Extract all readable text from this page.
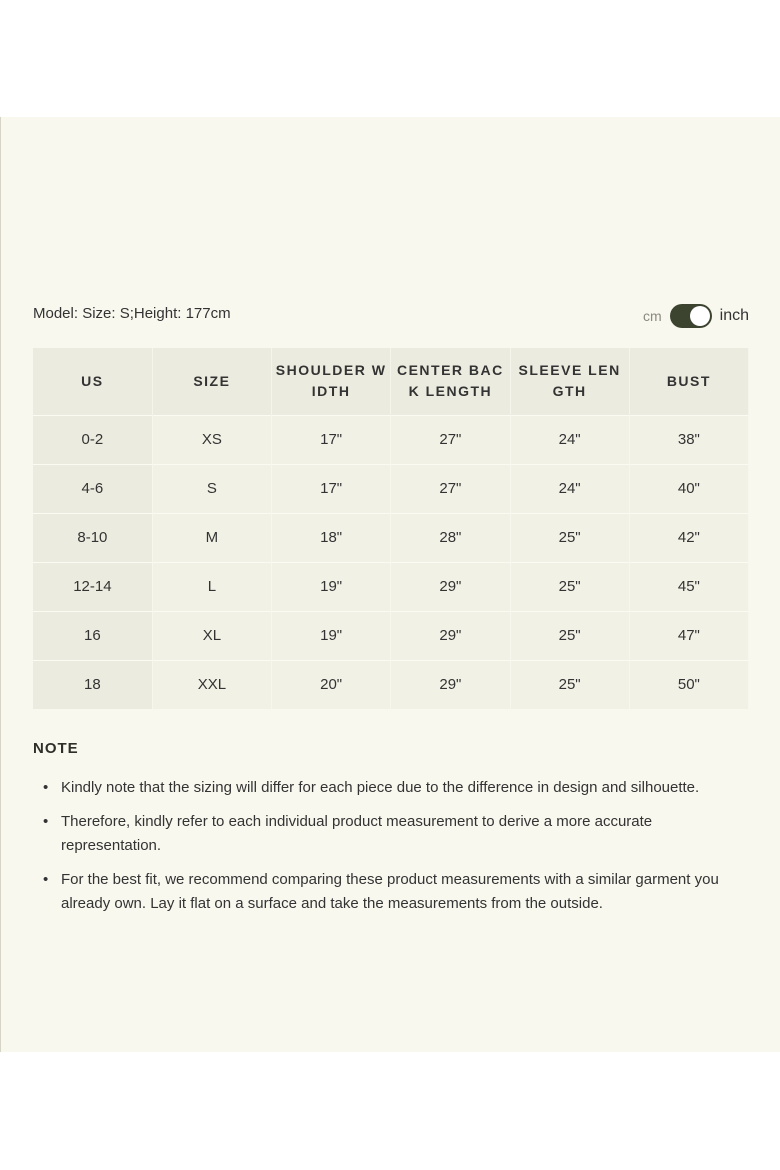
Model: Size: S;Height: 177cm	cm	inch
US	SIZE	SHOULDER WIDTH	CENTER BACK LENGTH	SLEEVE LENGTH	BUST
0-2	XS	17"	27"	24"	38"
4-6	S	17"	27"	24"	40"
8-10	M	18"	28"	25"	42"
12-14	L	19"	29"	25"	45"
16	XL	19"	29"	25"	47"
18	XXL	20"	29"	25"	50"
NOTE
• Kindly note that the sizing will differ for each piece due to the difference in design and silhouette.
• Therefore, kindly refer to each individual product measurement to derive a more accurate representation.
• For the best fit, we recommend comparing these product measurements with a similar garment you already own. Lay it flat on a surface and take the measurements from the outside.
